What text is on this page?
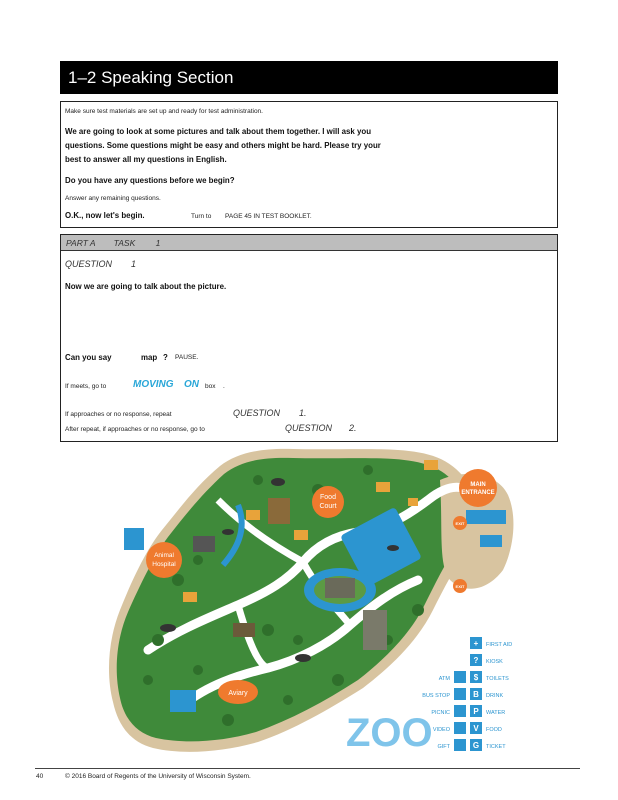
1–2 Speaking Section
Make sure test materials are set up and ready for test administration.
We are going to look at some pictures and talk about them together. I will ask you
questions. Some questions might be easy and others might be hard. Please try your
best to answer all my questions in English.
Do you have any questions before we begin?
Answer any remaining questions.
O.K., now let's begin.	Turn to PAGE 45 IN TEST BOOKLET.
PART A TASK 1
QUESTION 1
Now we are going to talk about the picture.
Can you say	map ? PAUSE.
If meets, go to	MOVING ON box .
If approaches or no response, repeat	QUESTION 1.
After repeat, if approaches or no response, go to	QUESTION 2.
Food
Court
MAIN
ENTRANCE
Animal
Hospital
Aviary
EXIT
EXIT
ZOO
+ FIRST AID
? KIOSK
ATM	$ TOILETS
BUS STOP	B DRINK
PICNIC	P WATER
VIDEO	V FOOD
GIFT	G TICKET
40	© 2016 Board of Regents of the University of Wisconsin System.
